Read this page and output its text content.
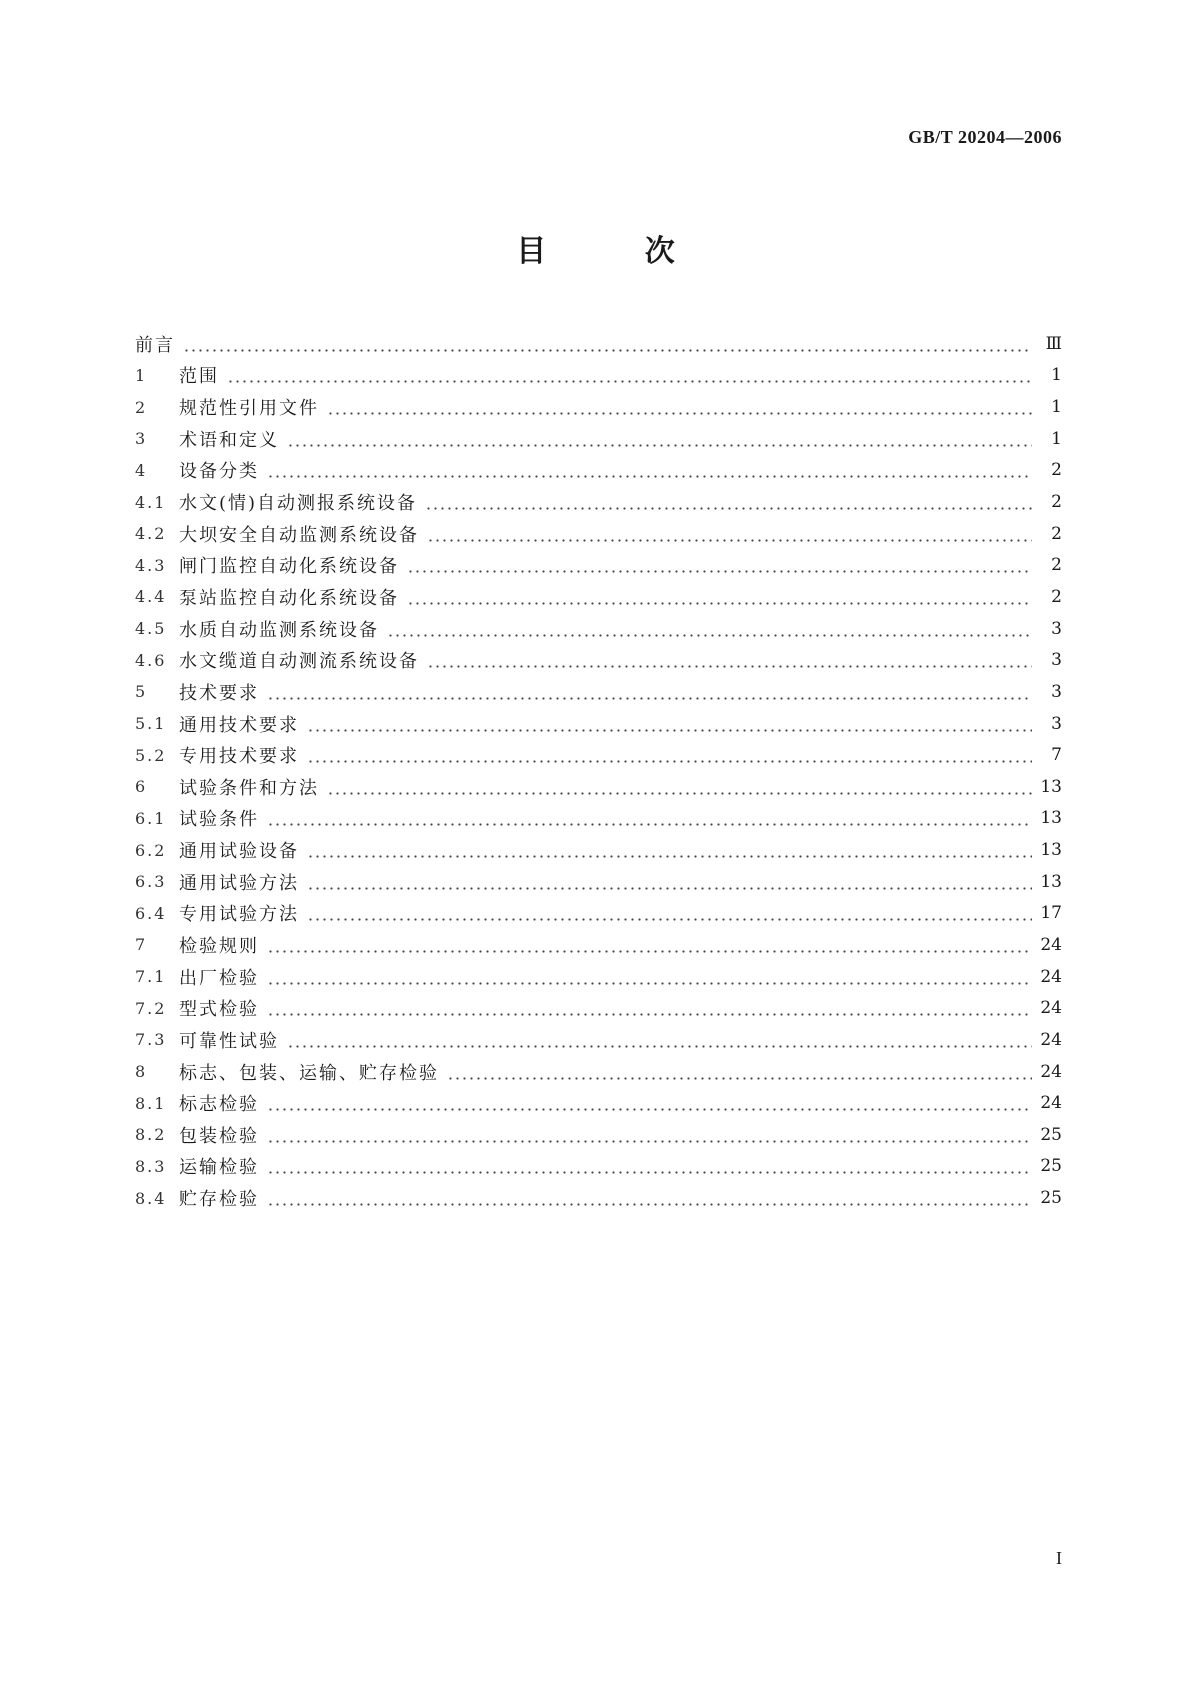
GB/T 20204—2006
目 次
前言	Ⅲ
1	范围	1
2	规范性引用文件	1
3	术语和定义	1
4	设备分类	2
4.1 水文(情)自动测报系统设备	2
4.2 大坝安全自动监测系统设备	2
4.3 闸门监控自动化系统设备	2
4.4 泵站监控自动化系统设备	2
4.5 水质自动监测系统设备	3
4.6 水文缆道自动测流系统设备	3
5	技术要求	3
5.1 通用技术要求	3
5.2 专用技术要求	7
6	试验条件和方法	13
6.1 试验条件	13
6.2 通用试验设备	13
6.3 通用试验方法	13
6.4 专用试验方法	17
7	检验规则	24
7.1 出厂检验	24
7.2 型式检验	24
7.3 可靠性试验	24
8	标志、包装、运输、贮存检验	24
8.1 标志检验	24
8.2 包装检验	25
8.3 运输检验	25
8.4 贮存检验	25
I
